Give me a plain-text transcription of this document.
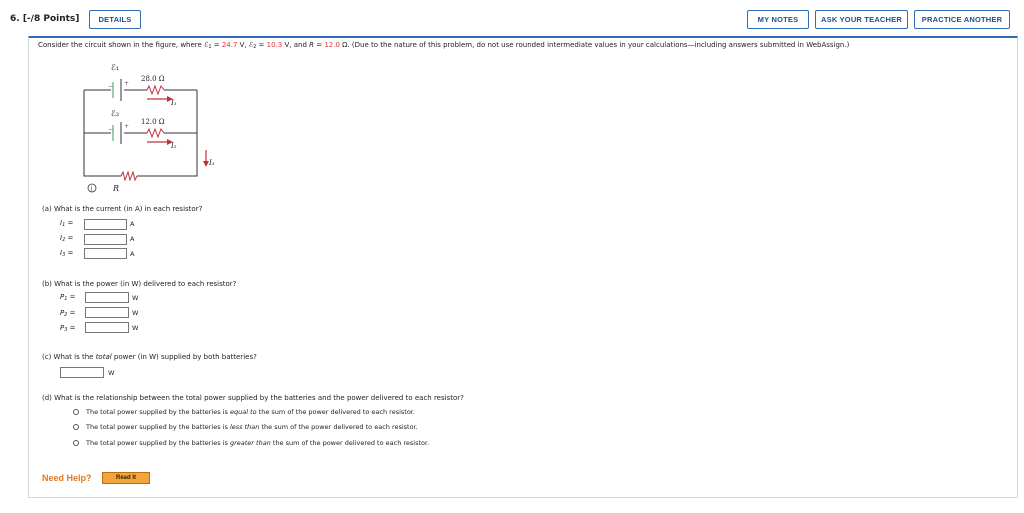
6. [-/8 Points]	DETAILS	MY NOTES	ASK YOUR TEACHER	PRACTICE ANOTHER
Consider the circuit shown in the figure, where ℰ$_1$ = 24.7 V, ℰ$_2$ = 10.3 V, and R = 12.0 Ω. (Due to the nature of this problem, do not use rounded intermediate values in your calculations—including answers submitted in WebAssign.)
ℰ₁
ℰ₂
− +
− +
28.0 Ω
12.0 Ω
I₁
I₂
I₃
R
i
(a) What is the current (in A) in each resistor?
$I_1$ =	A
$I_2$ =	A
$I_3$ =	A
(b) What is the power (in W) delivered to each resistor?
$P_1$ =	W
$P_2$ =	W
$P_3$ =	W
(c) What is the total power (in W) supplied by both batteries?
W
(d) What is the relationship between the total power supplied by the batteries and the power delivered to each resistor?
The total power supplied by the batteries is equal to the sum of the power delivered to each resistor.
The total power supplied by the batteries is less than the sum of the power delivered to each resistor.
The total power supplied by the batteries is greater than the sum of the power delivered to each resistor.
Need Help?	Read It
